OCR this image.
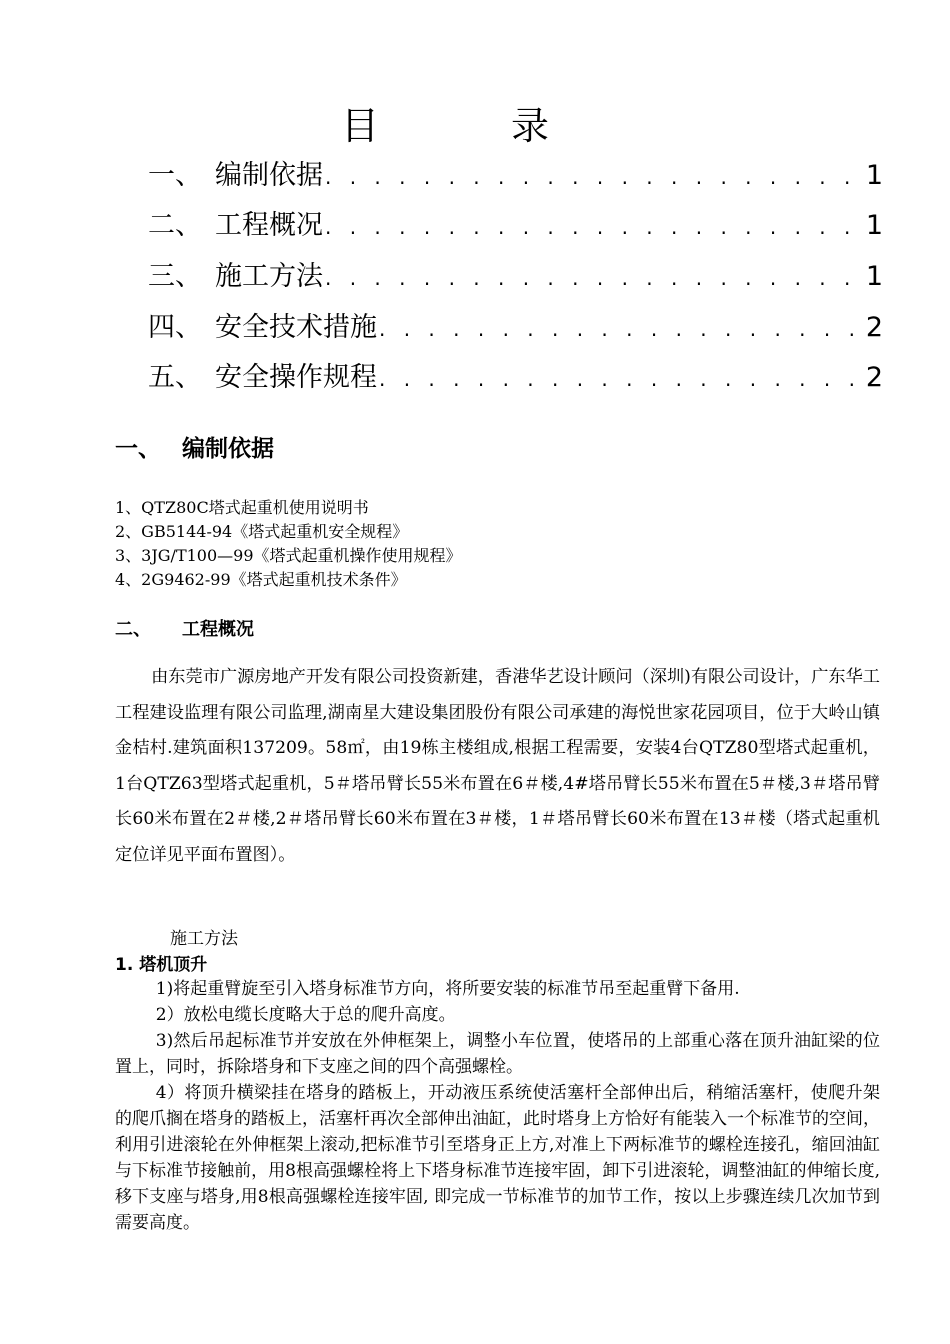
目 录
一、 编制依据 . . .	1
二、 工程概况 . . .	1
三、 施工方法 . . .	1
四、 安全技术措施 . . .	2
五、 安全操作规程 . . .	2
一、 编制依据
1、QTZ80C塔式起重机使用说明书
2、GB5144-94《塔式起重机安全规程》
3、3JG/T100—99《塔式起重机操作使用规程》
4、2G9462-99《塔式起重机技术条件》
二、	工程概况

由东莞市广源房地产开发有限公司投资新建，香港华艺设计顾问（深圳)有限公司设计，广东华工工程建设监理有限公司监理,湖南星大建设集团股份有限公司承建的海悦世家花园项目，位于大岭山镇金桔村.建筑面积137209。58㎡，由19栋主楼组成,根据工程需要，安装4台QTZ80型塔式起重机，1台QTZ63型塔式起重机，5＃塔吊臂长55米布置在6＃楼,4#塔吊臂长55米布置在5＃楼,3＃塔吊臂长60米布置在2＃楼,2＃塔吊臂长60米布置在3＃楼，1＃塔吊臂长60米布置在13＃楼（塔式起重机定位详见平面布置图）。

施工方法
1. 塔机顶升

1)将起重臂旋至引入塔身标准节方向，将所要安装的标准节吊至起重臂下备用.

2）放松电缆长度略大于总的爬升高度。

3)然后吊起标准节并安放在外伸框架上，调整小车位置，使塔吊的上部重心落在顶升油缸梁的位置上，同时，拆除塔身和下支座之间的四个高强螺栓。

4）将顶升横梁挂在塔身的踏板上，开动液压系统使活塞杆全部伸出后，稍缩活塞杆，使爬升架的爬爪搁在塔身的踏板上，活塞杆再次全部伸出油缸，此时塔身上方恰好有能装入一个标准节的空间，利用引进滚轮在外伸框架上滚动,把标准节引至塔身正上方,对准上下两标准节的螺栓连接孔，缩回油缸与下标准节接触前，用8根高强螺栓将上下塔身标准节连接牢固，卸下引进滚轮，调整油缸的伸缩长度,移下支座与塔身,用8根高强螺栓连接牢固, 即完成一节标准节的加节工作，按以上步骤连续几次加节到需要高度。
